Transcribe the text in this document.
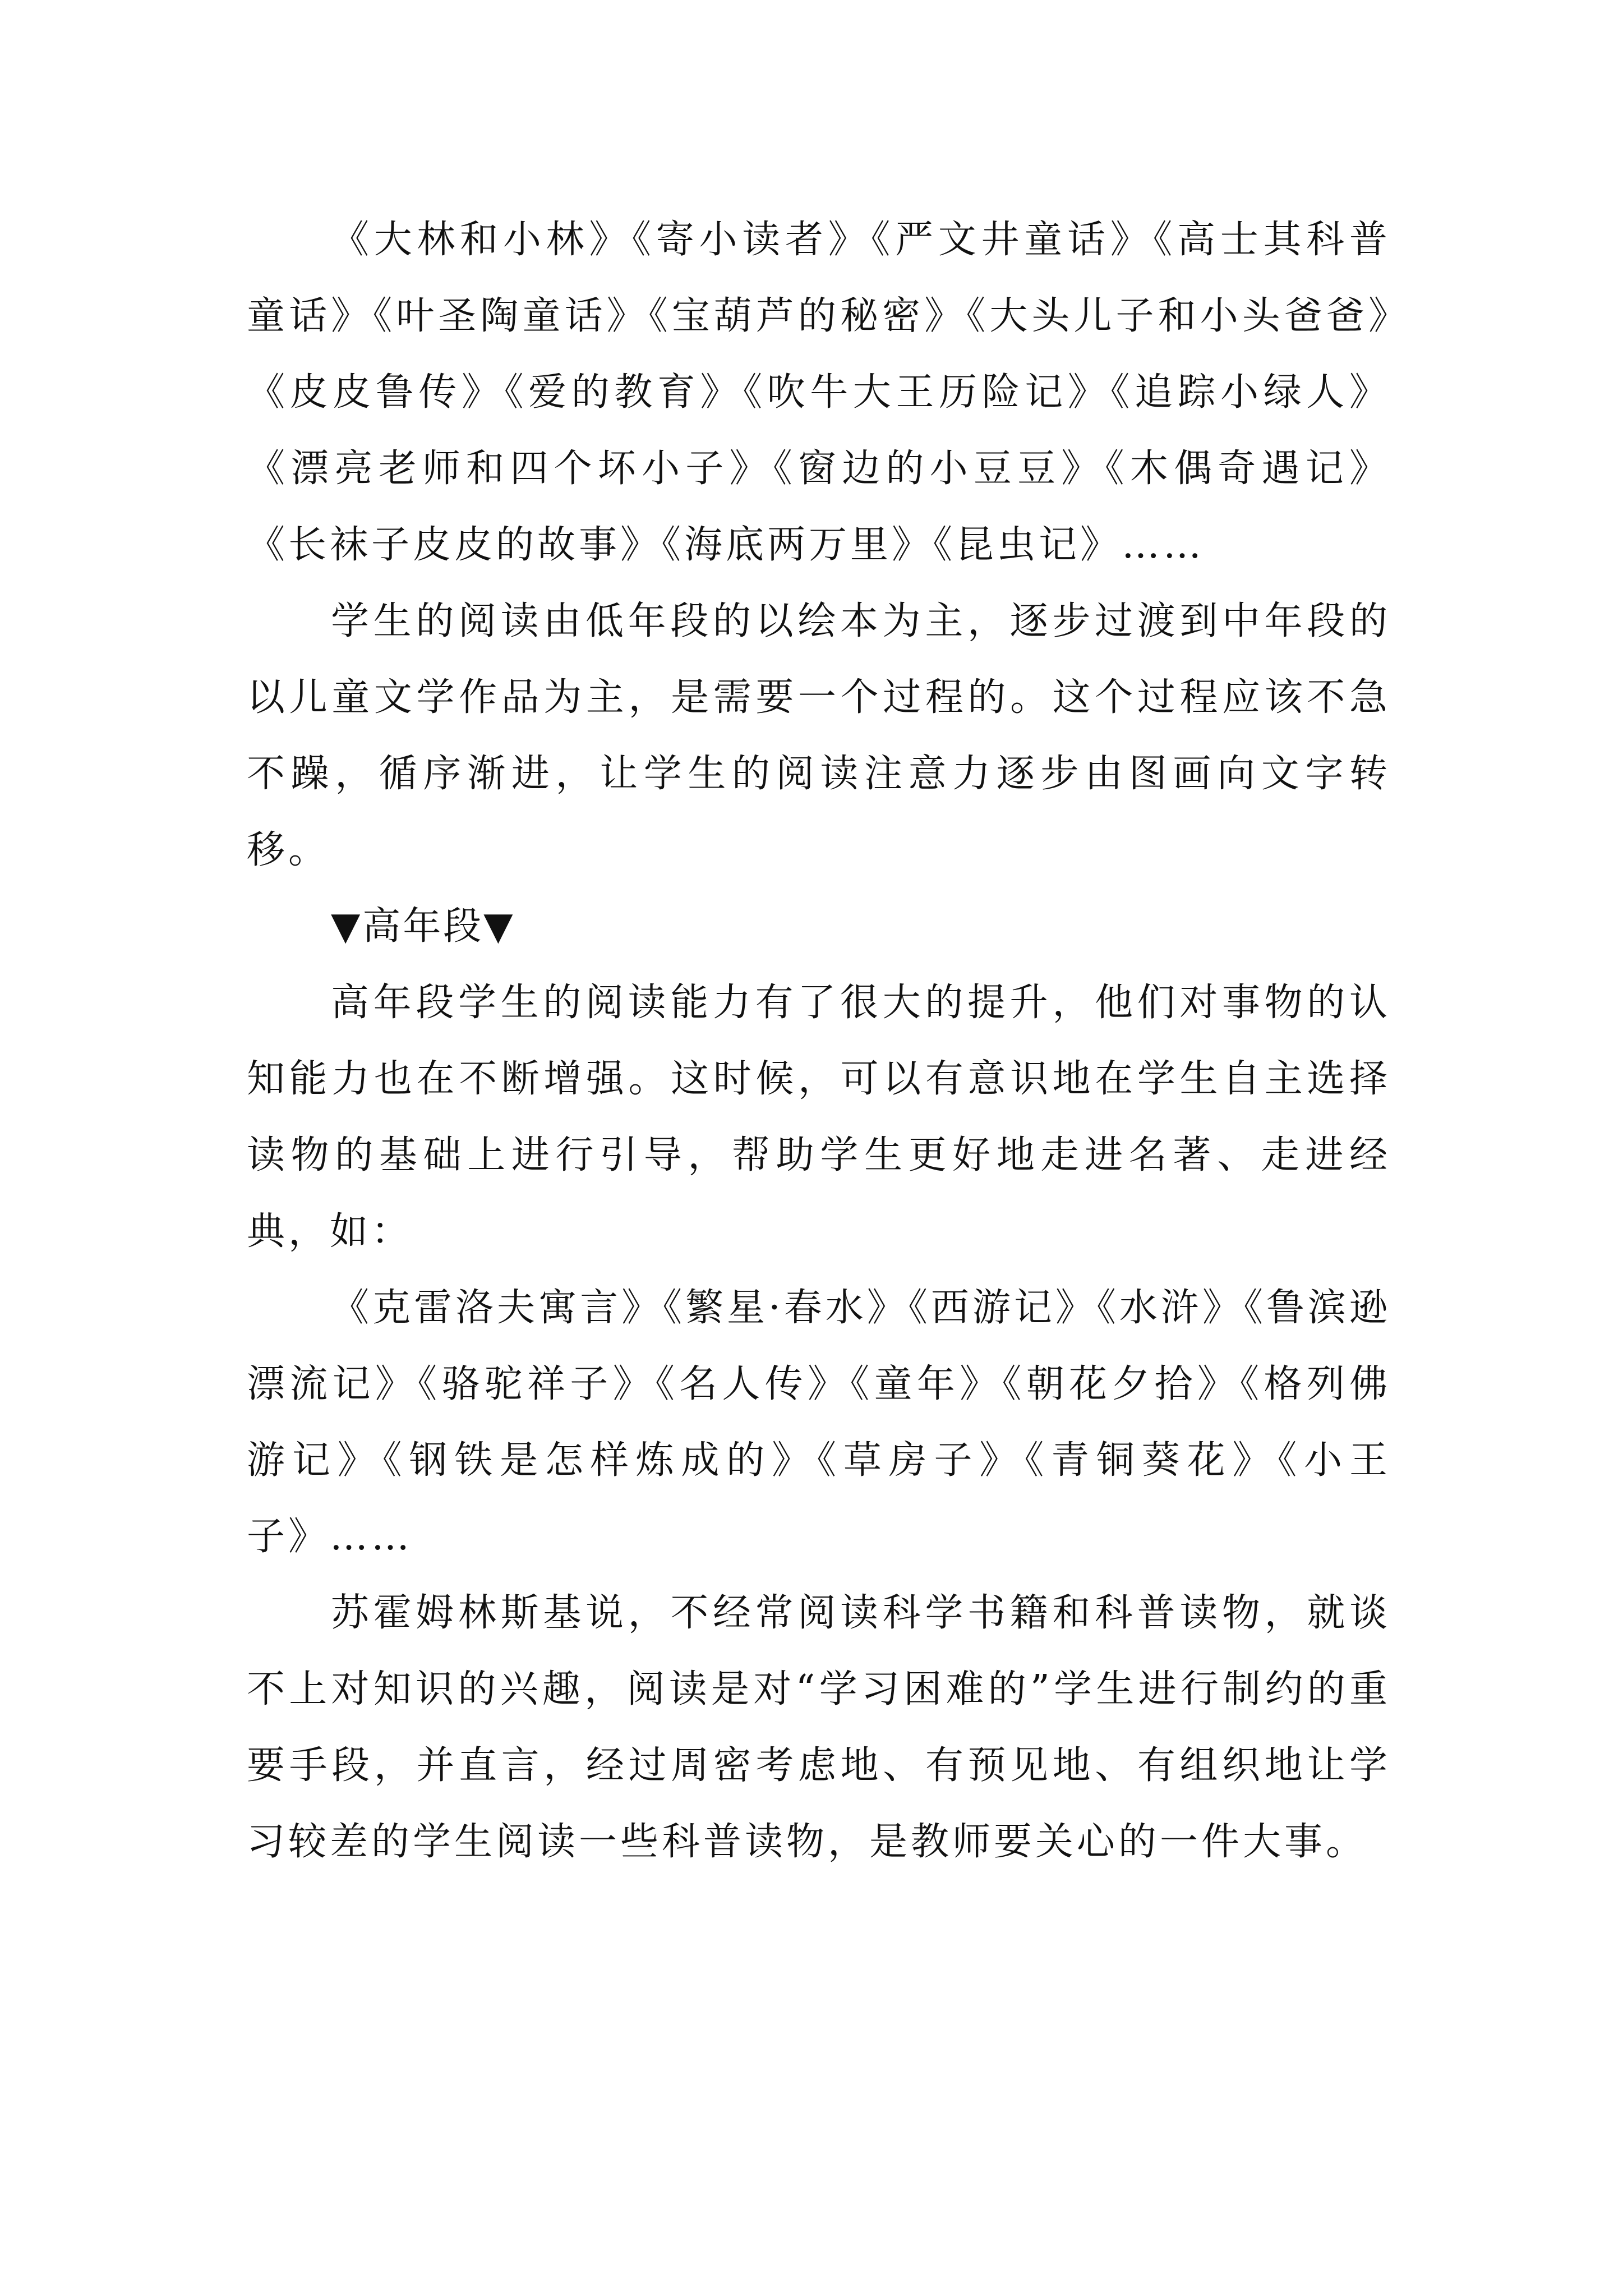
《大林和小林》《寄小读者》《严文井童话》《高士其科普童话》《叶圣陶童话》《宝葫芦的秘密》《大头儿子和小头爸爸》《皮皮鲁传》《爱的教育》《吹牛大王历险记》《追踪小绿人》《漂亮老师和四个坏小子》《窗边的小豆豆》《木偶奇遇记》《长袜子皮皮的故事》《海底两万里》《昆虫记》……

学生的阅读由低年段的以绘本为主，逐步过渡到中年段的以儿童文学作品为主，是需要一个过程的。这个过程应该不急不躁，循序渐进，让学生的阅读注意力逐步由图画向文字转移。

▼高年段▼

高年段学生的阅读能力有了很大的提升，他们对事物的认知能力也在不断增强。这时候，可以有意识地在学生自主选择读物的基础上进行引导，帮助学生更好地走进名著、走进经典，如：

《克雷洛夫寓言》《繁星·春水》《西游记》《水浒》《鲁滨逊漂流记》《骆驼祥子》《名人传》《童年》《朝花夕拾》《格列佛游记》《钢铁是怎样炼成的》《草房子》《青铜葵花》《小王子》……

苏霍姆林斯基说，不经常阅读科学书籍和科普读物，就谈不上对知识的兴趣，阅读是对“学习困难的”学生进行制约的重要手段，并直言，经过周密考虑地、有预见地、有组织地让学习较差的学生阅读一些科普读物，是教师要关心的一件大事。
